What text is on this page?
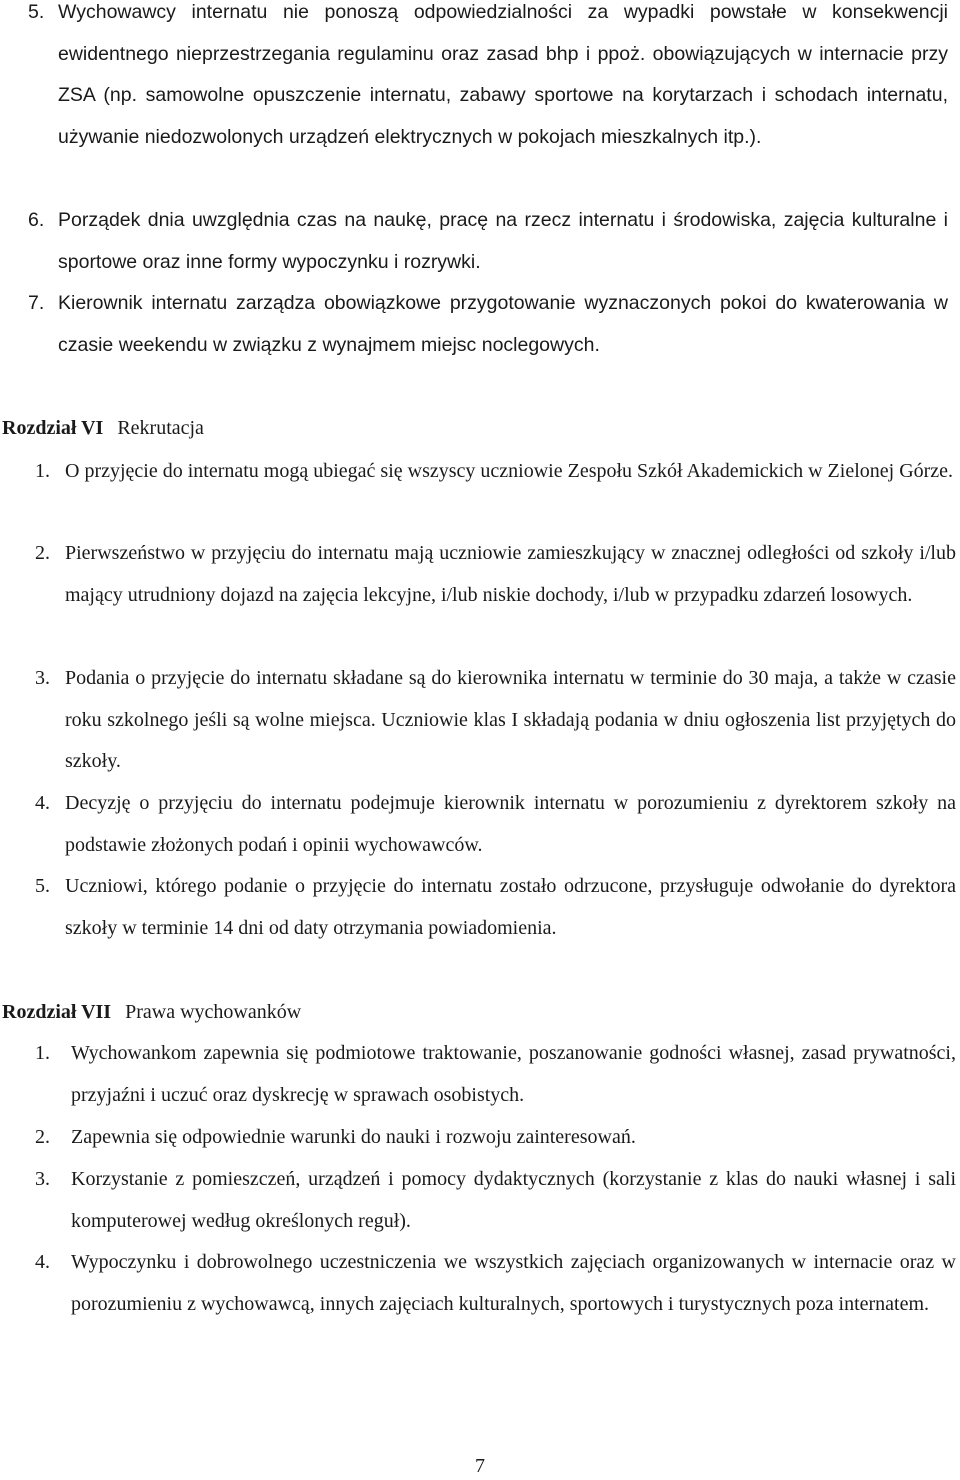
5. Wychowawcy internatu nie ponoszą odpowiedzialności za wypadki powstałe w konsekwencji ewidentnego nieprzestrzegania regulaminu oraz zasad bhp i ppoż. obowiązujących w internacie przy ZSA (np. samowolne opuszczenie internatu, zabawy sportowe na korytarzach i schodach internatu, używanie niedozwolonych urządzeń elektrycznych w pokojach mieszkalnych itp.).
6. Porządek dnia uwzględnia czas na naukę, pracę na rzecz internatu i środowiska, zajęcia kulturalne i sportowe oraz inne formy wypoczynku i rozrywki.
7. Kierownik internatu zarządza obowiązkowe przygotowanie wyznaczonych pokoi do kwaterowania w czasie weekendu w związku z wynajmem miejsc noclegowych.
Rozdział VI Rekrutacja
1. O przyjęcie do internatu mogą ubiegać się wszyscy uczniowie Zespołu Szkół Akademickich w Zielonej Górze.
2. Pierwszeństwo w przyjęciu do internatu mają uczniowie zamieszkujący w znacznej odległości od szkoły i/lub mający utrudniony dojazd na zajęcia lekcyjne, i/lub niskie dochody, i/lub w przypadku zdarzeń losowych.
3. Podania o przyjęcie do internatu składane są do kierownika internatu w terminie do 30 maja, a także w czasie roku szkolnego jeśli są wolne miejsca. Uczniowie klas I składają podania w dniu ogłoszenia list przyjętych do szkoły.
4. Decyzję o przyjęciu do internatu podejmuje kierownik internatu w porozumieniu z dyrektorem szkoły na podstawie złożonych podań i opinii wychowawców.
5. Uczniowi, którego podanie o przyjęcie do internatu zostało odrzucone, przysługuje odwołanie do dyrektora szkoły w terminie 14 dni od daty otrzymania powiadomienia.
Rozdział VII Prawa wychowanków
1.	Wychowankom zapewnia się podmiotowe traktowanie, poszanowanie godności własnej, zasad prywatności, przyjaźni i uczuć oraz dyskrecję w sprawach osobistych.
2.	Zapewnia się odpowiednie warunki do nauki i rozwoju zainteresowań.
3.	Korzystanie z pomieszczeń, urządzeń i pomocy dydaktycznych (korzystanie z klas do nauki własnej i sali komputerowej według określonych reguł).
4.	Wypoczynku i dobrowolnego uczestniczenia we wszystkich zajęciach organizowanych w internacie oraz w porozumieniu z wychowawcą, innych zajęciach kulturalnych, sportowych i turystycznych poza internatem.
7
